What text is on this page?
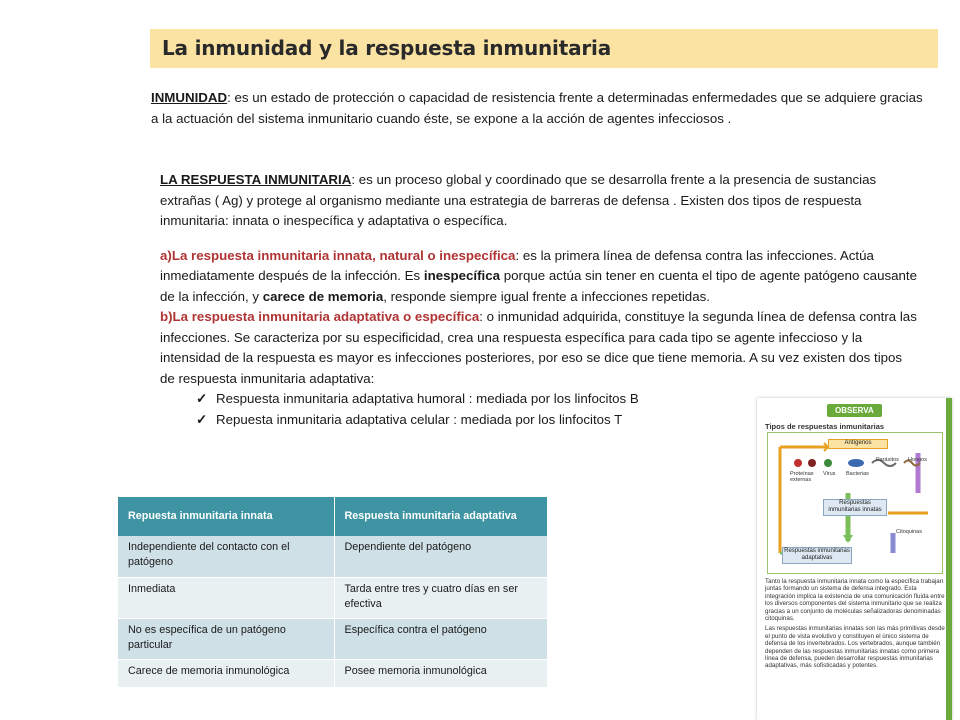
La inmunidad y la respuesta inmunitaria

INMUNIDAD: es un estado de protección o capacidad de resistencia frente a determinadas enfermedades que se adquiere gracias a la actuación del sistema inmunitario cuando éste, se expone a la acción de agentes infecciosos .

LA RESPUESTA INMUNITARIA: es un proceso global y coordinado que se desarrolla frente a la presencia de sustancias extrañas ( Ag) y protege al organismo mediante una estrategia de barreras de defensa . Existen dos tipos de respuesta inmunitaria: innata o inespecífica y adaptativa o específica.

a)La respuesta inmunitaria innata, natural o inespecífica: es la primera línea de defensa contra las infecciones. Actúa inmediatamente después de la infección. Es inespecífica porque actúa sin tener en cuenta el tipo de agente patógeno causante de la infección, y carece de memoria, responde siempre igual frente a infecciones repetidas.

b)La respuesta inmunitaria adaptativa o específica: o inmunidad adquirida, constituye la segunda línea de defensa contra las infecciones. Se caracteriza por su especificidad, crea una respuesta específica para cada tipo se agente infeccioso y la intensidad de la respuesta es mayor es infecciones posteriores, por eso se dice que tiene memoria. A su vez existen dos tipos de respuesta inmunitaria adaptativa:

✓ Respuesta inmunitaria adaptativa humoral : mediada por los linfocitos B
✓ Repuesta inmunitaria adaptativa celular : mediada por los linfocitos T
Repuesta inmunitaria innata	Respuesta inmunitaria adaptativa
Independiente del contacto con el patógeno	Dependiente del patógeno
Inmediata	Tarda entre tres y cuatro días en ser efectiva
No es específica de un patógeno particular	Específica contra el patógeno
Carece de memoria inmunológica	Posee memoria inmunológica
OBSERVA
Tipos de respuestas inmunitarias
Antígenos
Proteínas externas
Virus Bacterias
Parásitos Hongos
Respuestas inmunitarias innatas
Citoquinas
Respuestas inmunitarias adaptativas

Tanto la respuesta inmunitaria innata como la específica trabajan juntas formando un sistema de defensa integrado. Esta integración implica la existencia de una comunicación fluida entre los diversos componentes del sistema inmunitario que se realiza gracias a un conjunto de moléculas señalizadoras denominadas citoquinas.

Las respuestas inmunitarias innatas son las más primitivas desde el punto de vista evolutivo y constituyen el único sistema de defensa de los invertebrados. Los vertebrados, aunque también dependen de las respuestas inmunitarias innatas como primera línea de defensa, pueden desarrollar respuestas inmunitarias adaptativas, más sofisticadas y potentes.
